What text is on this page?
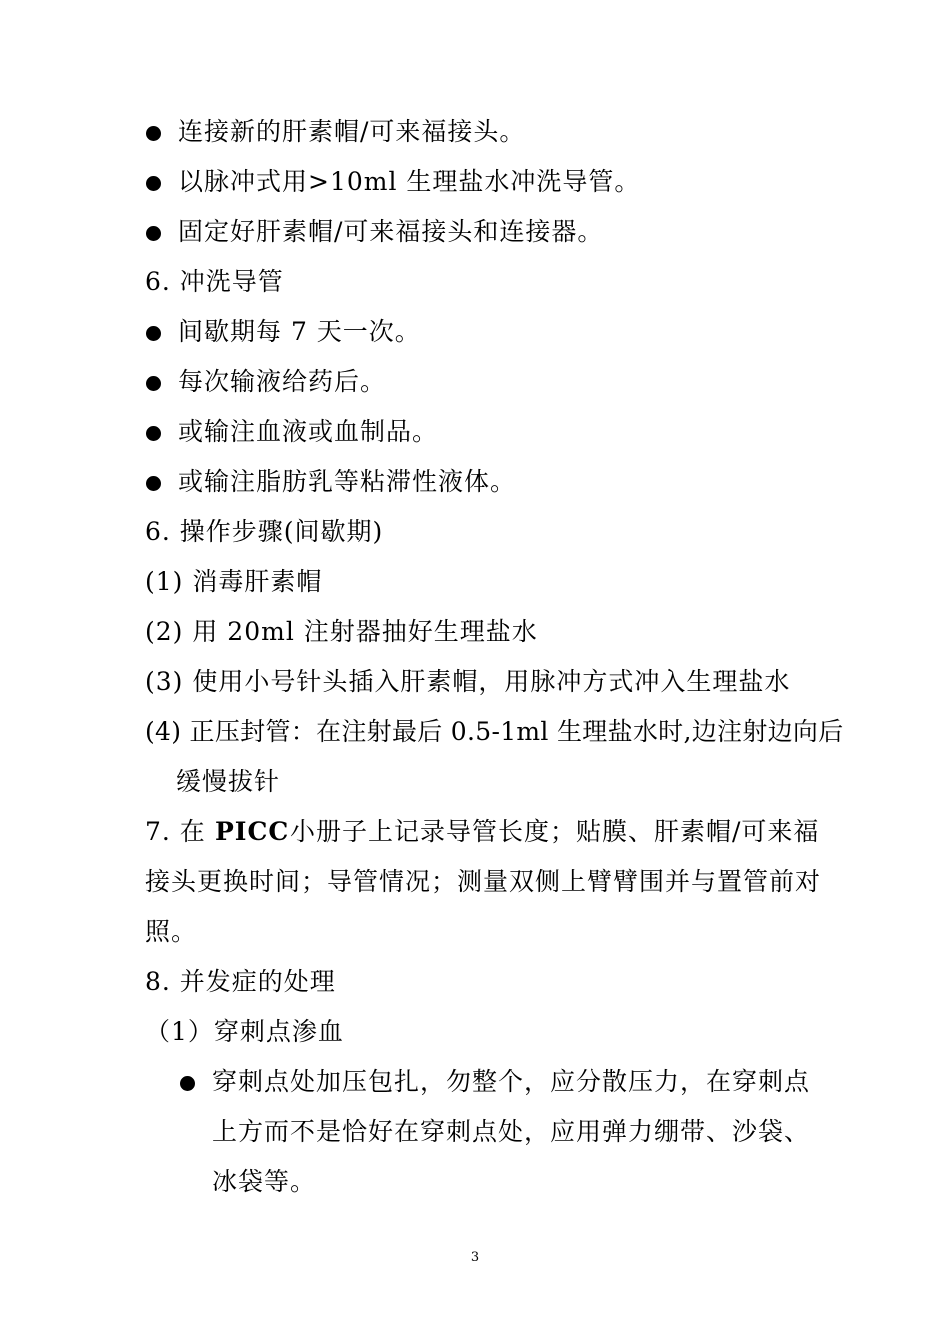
连接新的肝素帽/可来福接头。
以脉冲式用>10ml 生理盐水冲洗导管。
固定好肝素帽/可来福接头和连接器。
6. 冲洗导管
间歇期每 7 天一次。
每次输液给药后。
或输注血液或血制品。
或输注脂肪乳等粘滞性液体。
6. 操作步骤(间歇期)
(1) 消毒肝素帽
(2) 用 20ml 注射器抽好生理盐水
(3) 使用小号针头插入肝素帽，用脉冲方式冲入生理盐水
(4) 正压封管：在注射最后 0.5-1ml 生理盐水时,边注射边向后
缓慢拔针
7. 在 PICC 小册子上记录导管长度；贴膜、肝素帽/可来福
接头更换时间；导管情况；测量双侧上臂臂围并与置管前对
照。
8. 并发症的处理
（1）穿刺点渗血
穿刺点处加压包扎，勿整个，应分散压力，在穿刺点
上方而不是恰好在穿刺点处，应用弹力绷带、沙袋、
冰袋等。
3
